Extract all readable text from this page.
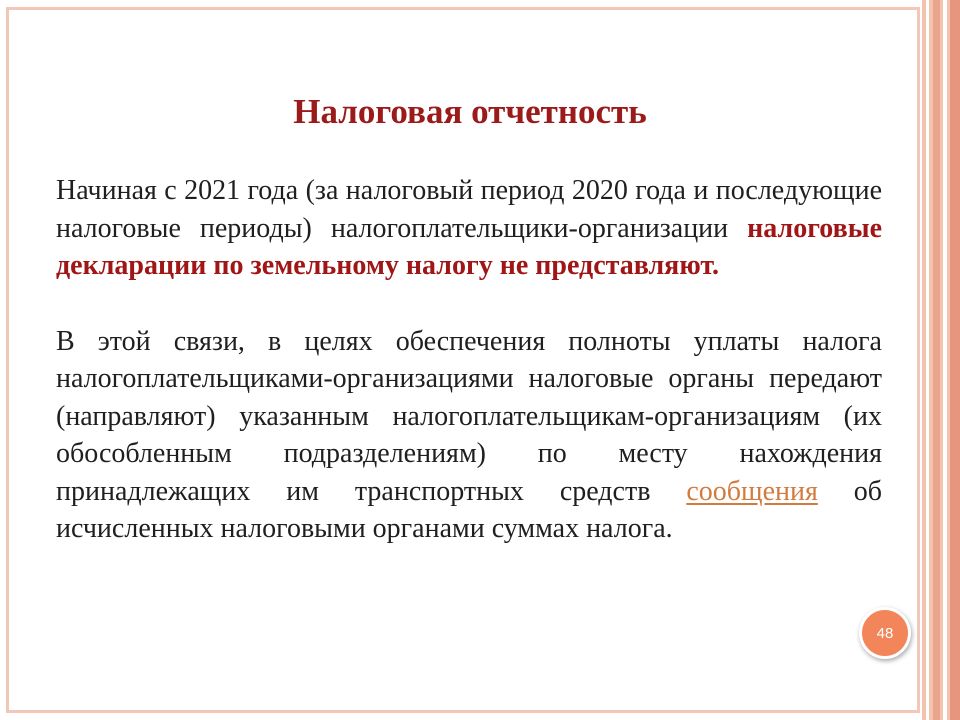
Налоговая отчетность

Начиная с 2021 года (за налоговый период 2020 года и последующие налоговые периоды) налогоплательщики-организации налоговые декларации по земельному налогу не представляют.

В этой связи, в целях обеспечения полноты уплаты налога налогоплательщиками-организациями налоговые органы передают (направляют) указанным налогоплательщикам-организациям (их обособленным подразделениям) по месту нахождения принадлежащих им транспортных средств сообщения об исчисленных налоговыми органами суммах налога.

48
